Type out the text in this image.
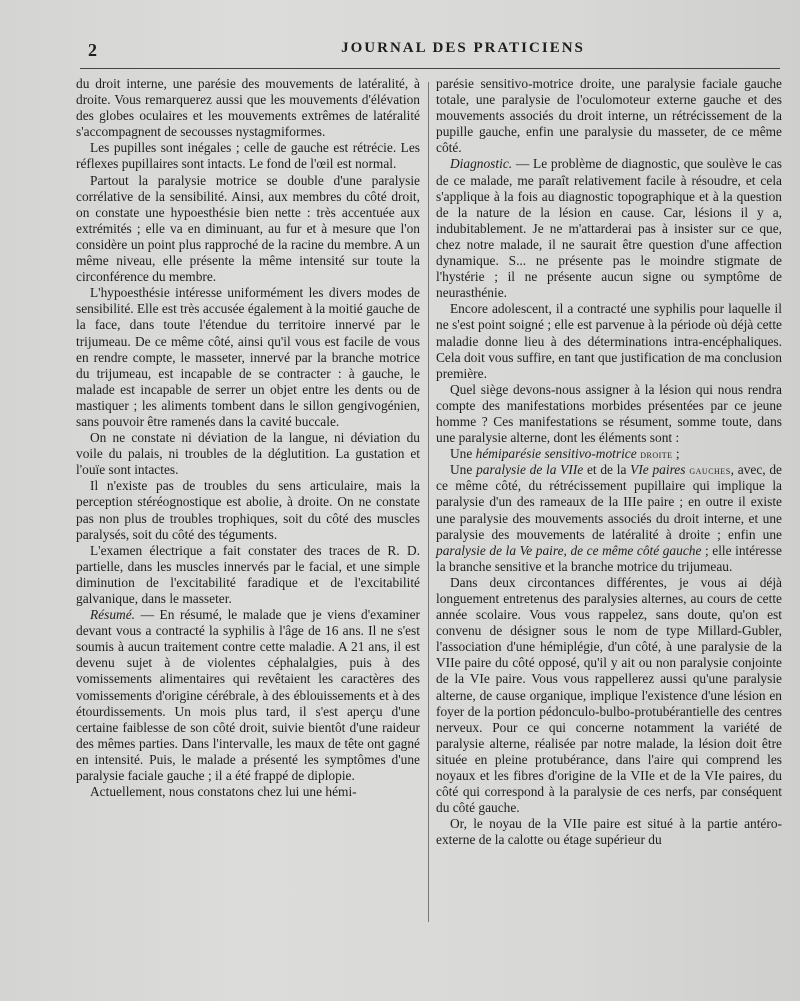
2	JOURNAL DES PRATICIENS

du droit interne, une parésie des mouvements de latéralité, à droite. Vous remarquerez aussi que les mouvements d'élévation des globes oculaires et les mouvements extrêmes de latéralité s'accompagnent de secousses nystagmiformes.

Les pupilles sont inégales ; celle de gauche est rétrécie. Les réflexes pupillaires sont intacts. Le fond de l'œil est normal.

Partout la paralysie motrice se double d'une paralysie corrélative de la sensibilité. Ainsi, aux membres du côté droit, on constate une hypoesthésie bien nette : très accentuée aux extrémités ; elle va en diminuant, au fur et à mesure que l'on considère un point plus rapproché de la racine du membre. A un même niveau, elle présente la même intensité sur toute la circonférence du membre.

L'hypoesthésie intéresse uniformément les divers modes de sensibilité. Elle est très accusée également à la moitié gauche de la face, dans toute l'étendue du territoire innervé par le trijumeau. De ce même côté, ainsi qu'il vous est facile de vous en rendre compte, le masseter, innervé par la branche motrice du trijumeau, est incapable de se contracter : à gauche, le malade est incapable de serrer un objet entre les dents ou de mastiquer ; les aliments tombent dans le sillon gengivogénien, sans pouvoir être ramenés dans la cavité buccale.

On ne constate ni déviation de la langue, ni déviation du voile du palais, ni troubles de la déglutition. La gustation et l'ouïe sont intactes.

Il n'existe pas de troubles du sens articulaire, mais la perception stéréognostique est abolie, à droite. On ne constate pas non plus de troubles trophiques, soit du côté des muscles paralysés, soit du côté des téguments.

L'examen électrique a fait constater des traces de R. D. partielle, dans les muscles innervés par le facial, et une simple diminution de l'excitabilité faradique et de l'excitabilité galvanique, dans le masseter.

Résumé. — En résumé, le malade que je viens d'examiner devant vous a contracté la syphilis à l'âge de 16 ans. Il ne s'est soumis à aucun traitement contre cette maladie. A 21 ans, il est devenu sujet à de violentes céphalalgies, puis à des vomissements alimentaires qui revêtaient les caractères des vomissements d'origine cérébrale, à des éblouissements et à des étourdissements. Un mois plus tard, il s'est aperçu d'une certaine faiblesse de son côté droit, suivie bientôt d'une raideur des mêmes parties. Dans l'intervalle, les maux de tête ont gagné en intensité. Puis, le malade a présenté les symptômes d'une paralysie faciale gauche ; il a été frappé de diplopie.

Actuellement, nous constatons chez lui une hémi-

parésie sensitivo-motrice droite, une paralysie faciale gauche totale, une paralysie de l'oculomoteur externe gauche et des mouvements associés du droit interne, un rétrécissement de la pupille gauche, enfin une paralysie du masseter, de ce même côté.

Diagnostic. — Le problème de diagnostic, que soulève le cas de ce malade, me paraît relativement facile à résoudre, et cela s'applique à la fois au diagnostic topographique et à la question de la nature de la lésion en cause. Car, lésions il y a, indubitablement. Je ne m'attarderai pas à insister sur ce que, chez notre malade, il ne saurait être question d'une affection dynamique. S... ne présente pas le moindre stigmate de l'hystérie ; il ne présente aucun signe ou symptôme de neurasthénie.

Encore adolescent, il a contracté une syphilis pour laquelle il ne s'est point soigné ; elle est parvenue à la période où déjà cette maladie donne lieu à des déterminations intra-encéphaliques. Cela doit vous suffire, en tant que justification de ma conclusion première.

Quel siège devons-nous assigner à la lésion qui nous rendra compte des manifestations morbides présentées par ce jeune homme ? Ces manifestations se résument, somme toute, dans une paralysie alterne, dont les éléments sont :

Une hémiparésie sensitivo-motrice droite ;

Une paralysie de la VIIe et de la VIe paires gauches, avec, de ce même côté, du rétrécissement pupillaire qui implique la paralysie d'un des rameaux de la IIIe paire ; en outre il existe une paralysie des mouvements associés du droit interne, et une paralysie des mouvements de latéralité à droite ; enfin une paralysie de la Ve paire, de ce même côté gauche ; elle intéresse la branche sensitive et la branche motrice du trijumeau.

Dans deux circontances différentes, je vous ai déjà longuement entretenus des paralysies alternes, au cours de cette année scolaire. Vous vous rappelez, sans doute, qu'on est convenu de désigner sous le nom de type Millard-Gubler, l'association d'une hémiplégie, d'un côté, à une paralysie de la VIIe paire du côté opposé, qu'il y ait ou non paralysie conjointe de la VIe paire. Vous vous rappellerez aussi qu'une paralysie alterne, de cause organique, implique l'existence d'une lésion en foyer de la portion pédonculo-bulbo-protubérantielle des centres nerveux. Pour ce qui concerne notamment la variété de paralysie alterne, réalisée par notre malade, la lésion doit être située en pleine protubérance, dans l'aire qui comprend les noyaux et les fibres d'origine de la VIIe et de la VIe paires, du côté qui correspond à la paralysie de ces nerfs, par conséquent du côté gauche.

Or, le noyau de la VIIe paire est situé à la partie antéro-externe de la calotte ou étage supérieur du
